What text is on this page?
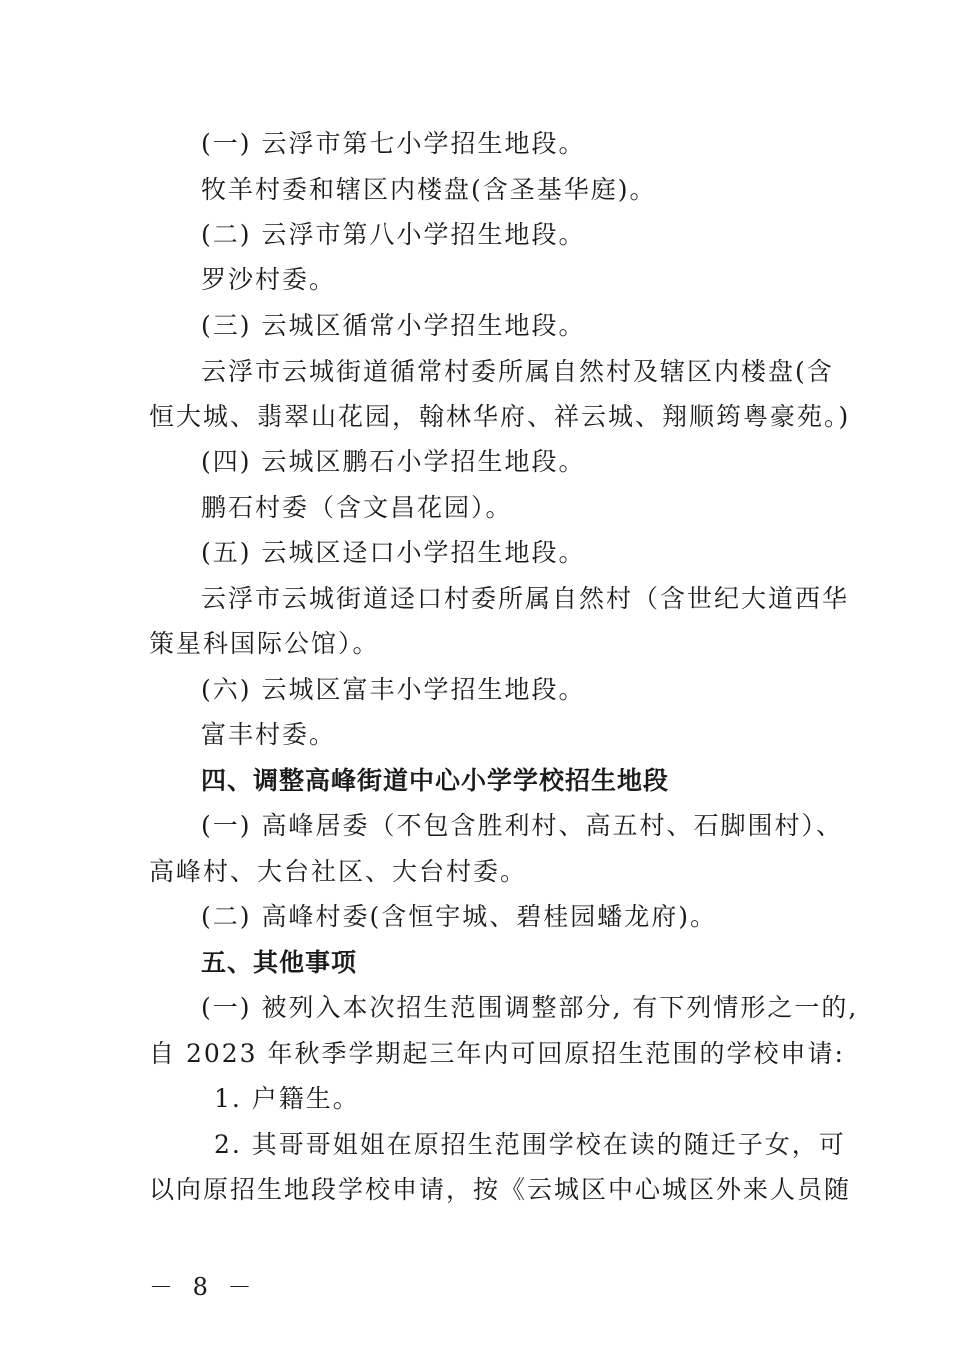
(一) 云浮市第七小学招生地段。
牧羊村委和辖区内楼盘(含圣基华庭)。
(二) 云浮市第八小学招生地段。
罗沙村委。
(三) 云城区循常小学招生地段。
云浮市云城街道循常村委所属自然村及辖区内楼盘(含
恒大城、翡翠山花园，翰林华府、祥云城、翔顺筠粤豪苑。)
(四) 云城区鹏石小学招生地段。
鹏石村委（含文昌花园）。
(五) 云城区迳口小学招生地段。
云浮市云城街道迳口村委所属自然村（含世纪大道西华
策星科国际公馆）。
(六) 云城区富丰小学招生地段。
富丰村委。
四、调整高峰街道中心小学学校招生地段
(一) 高峰居委（不包含胜利村、高五村、石脚围村）、
高峰村、大台社区、大台村委。
(二) 高峰村委(含恒宇城、碧桂园蟠龙府)。
五、其他事项
(一) 被列入本次招生范围调整部分, 有下列情形之一的,
自 2023 年秋季学期起三年内可回原招生范围的学校申请:
1. 户籍生。
2. 其哥哥姐姐在原招生范围学校在读的随迁子女，可
以向原招生地段学校申请，按《云城区中心城区外来人员随
－ 8 －
